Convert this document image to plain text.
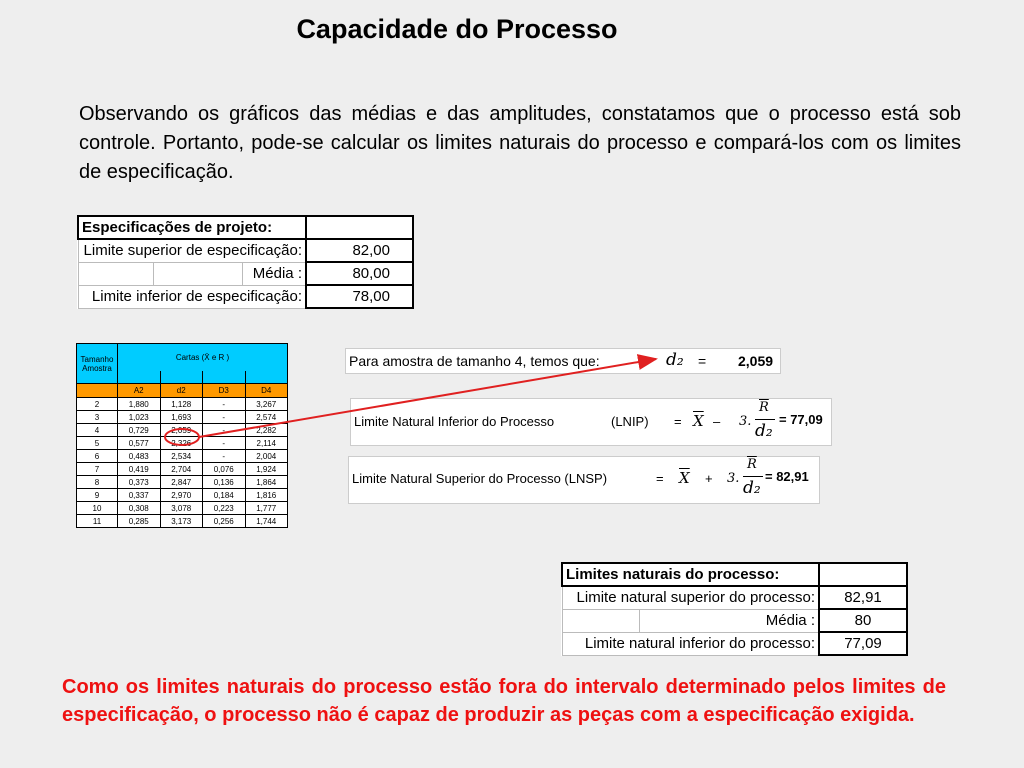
Capacidade do Processo
Observando os gráficos das médias e das amplitudes, constatamos que o processo está sob controle. Portanto, pode-se calcular os limites naturais do processo e compará-los com os limites de especificação.
Especificações de projeto:			
Limite superior de especificação:			82,00
		Média :	80,00
Limite inferior de especificação:			78,00
Tamanho Amostra	Cartas (X̄ e R )			

	A2	d2	D3	D4
2	1,880	1,128	-	3,267
3	1,023	1,693	-	2,574
4	0,729	2,059	-	2,282
5	0,577	2,326	-	2,114
6	0,483	2,534	-	2,004
7	0,419	2,704	0,076	1,924
8	0,373	2,847	0,136	1,864
9	0,337	2,970	0,184	1,816
10	0,308	3,078	0,223	1,777
11	0,285	3,173	0,256	1,744
Para amostra de tamanho 4, temos que:	d₂ = 2,059
Limite Natural Inferior do Processo	(LNIP) = $\overline{X} - 3$.
$\overline{R}$
d₂
= 77,09
Limite Natural Superior do Processo (LNSP)	= $\overline{X} + 3$.
$\overline{R}$
d₂
= 82,91
Limites naturais do processo:		
Limite natural superior do processo:		82,91
	Média :	80
Limite natural inferior do processo:		77,09
Como os limites naturais do processo estão fora do intervalo determinado pelos limites de especificação, o processo não é capaz de produzir as peças com a especificação exigida.
